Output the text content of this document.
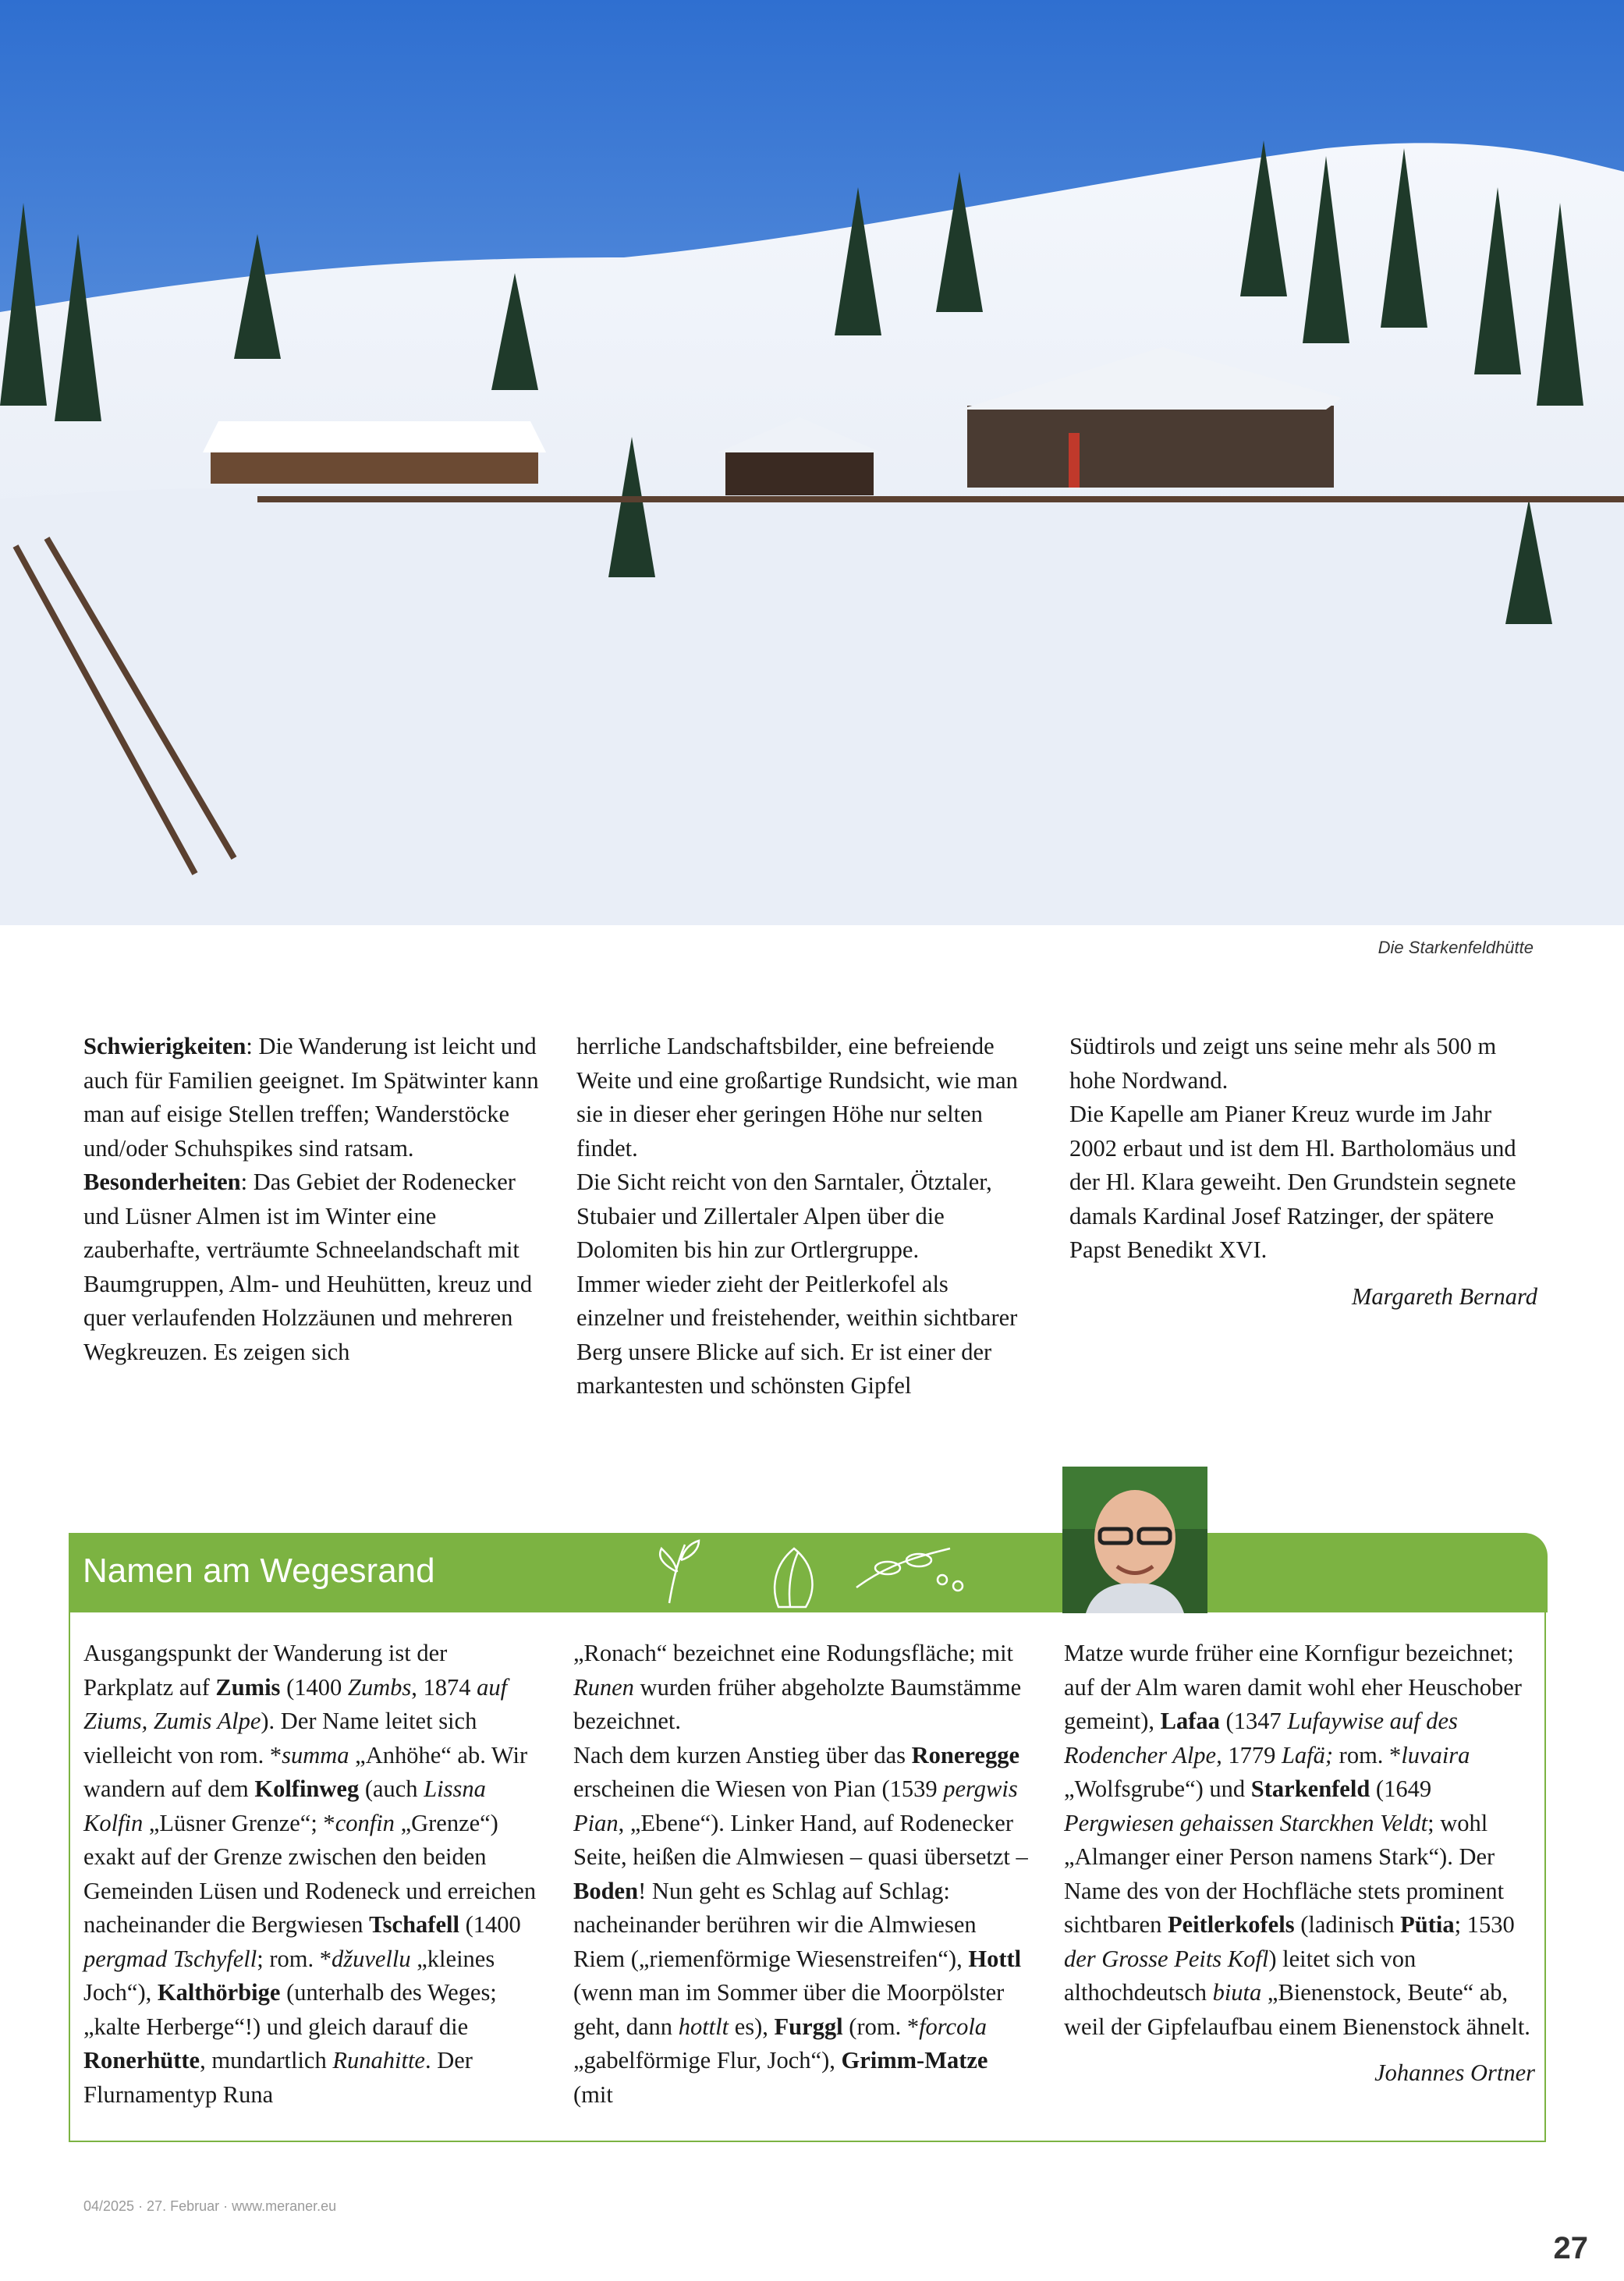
Die Starkenfeldhütte

Schwierigkeiten: Die Wanderung ist leicht und auch für Familien geeignet. Im Spätwinter kann man auf eisige Stellen treffen; Wanderstöcke und/oder Schuhspikes sind ratsam.

Besonderheiten: Das Gebiet der Rodenecker und Lüsner Almen ist im Winter eine zauberhafte, verträumte Schneelandschaft mit Baumgruppen, Alm- und Heuhütten, kreuz und quer verlaufenden Holzzäunen und mehreren Wegkreuzen. Es zeigen sich

herrliche Landschaftsbilder, eine befreiende Weite und eine großartige Rundsicht, wie man sie in dieser eher geringen Höhe nur selten findet.

Die Sicht reicht von den Sarntaler, Ötztaler, Stubaier und Zillertaler Alpen über die Dolomiten bis hin zur Ortlergruppe.

Immer wieder zieht der Peitlerkofel als einzelner und freistehender, weithin sichtbarer Berg unsere Blicke auf sich. Er ist einer der markantesten und schönsten Gipfel

Südtirols und zeigt uns seine mehr als 500 m hohe Nordwand.

Die Kapelle am Pianer Kreuz wurde im Jahr 2002 erbaut und ist dem Hl. Bartholomäus und der Hl. Klara geweiht. Den Grundstein segnete damals Kardinal Josef Ratzinger, der spätere Papst Benedikt XVI.

Margareth Bernard

Namen am Wegesrand

Ausgangspunkt der Wanderung ist der Parkplatz auf Zumis (1400 Zumbs, 1874 auf Ziums, Zumis Alpe). Der Name leitet sich vielleicht von rom. *summa „Anhöhe“ ab. Wir wandern auf dem Kolfinweg (auch Lissna Kolfin „Lüsner Grenze“; *confin „Grenze“) exakt auf der Grenze zwischen den beiden Gemeinden Lüsen und Rodeneck und erreichen nacheinander die Bergwiesen Tschafell (1400 pergmad Tschyfell; rom. *džuvellu „kleines Joch“), Kalthörbige (unterhalb des Weges; „kalte Herberge“!) und gleich darauf die Ronerhütte, mundartlich Runahitte. Der Flurnamentyp Runa

„Ronach“ bezeichnet eine Rodungsfläche; mit Runen wurden früher abgeholzte Baumstämme bezeichnet.

Nach dem kurzen Anstieg über das Roneregge erscheinen die Wiesen von Pian (1539 pergwis Pian, „Ebene“). Linker Hand, auf Rodenecker Seite, heißen die Almwiesen – quasi übersetzt – Boden! Nun geht es Schlag auf Schlag: nacheinander berühren wir die Almwiesen Riem („riemenförmige Wiesenstreifen“), Hottl (wenn man im Sommer über die Moorpölster geht, dann hottlt es), Furggl (rom. *forcola „gabelförmige Flur, Joch“), Grimm-Matze (mit

Matze wurde früher eine Kornfigur bezeichnet; auf der Alm waren damit wohl eher Heuschober gemeint), Lafaa (1347 Lufaywise auf des Rodencher Alpe, 1779 Lafä; rom. *luvaira „Wolfsgrube“) und Starkenfeld (1649 Pergwiesen gehaissen Starckhen Veldt; wohl „Almanger einer Person namens Stark“). Der Name des von der Hochfläche stets prominent sichtbaren Peitlerkofels (ladinisch Pütia; 1530 der Grosse Peits Kofl) leitet sich von althochdeutsch biuta „Bienenstock, Beute“ ab, weil der Gipfelaufbau einem Bienenstock ähnelt.

Johannes Ortner

04/2025 · 27. Februar · www.meraner.eu
27
